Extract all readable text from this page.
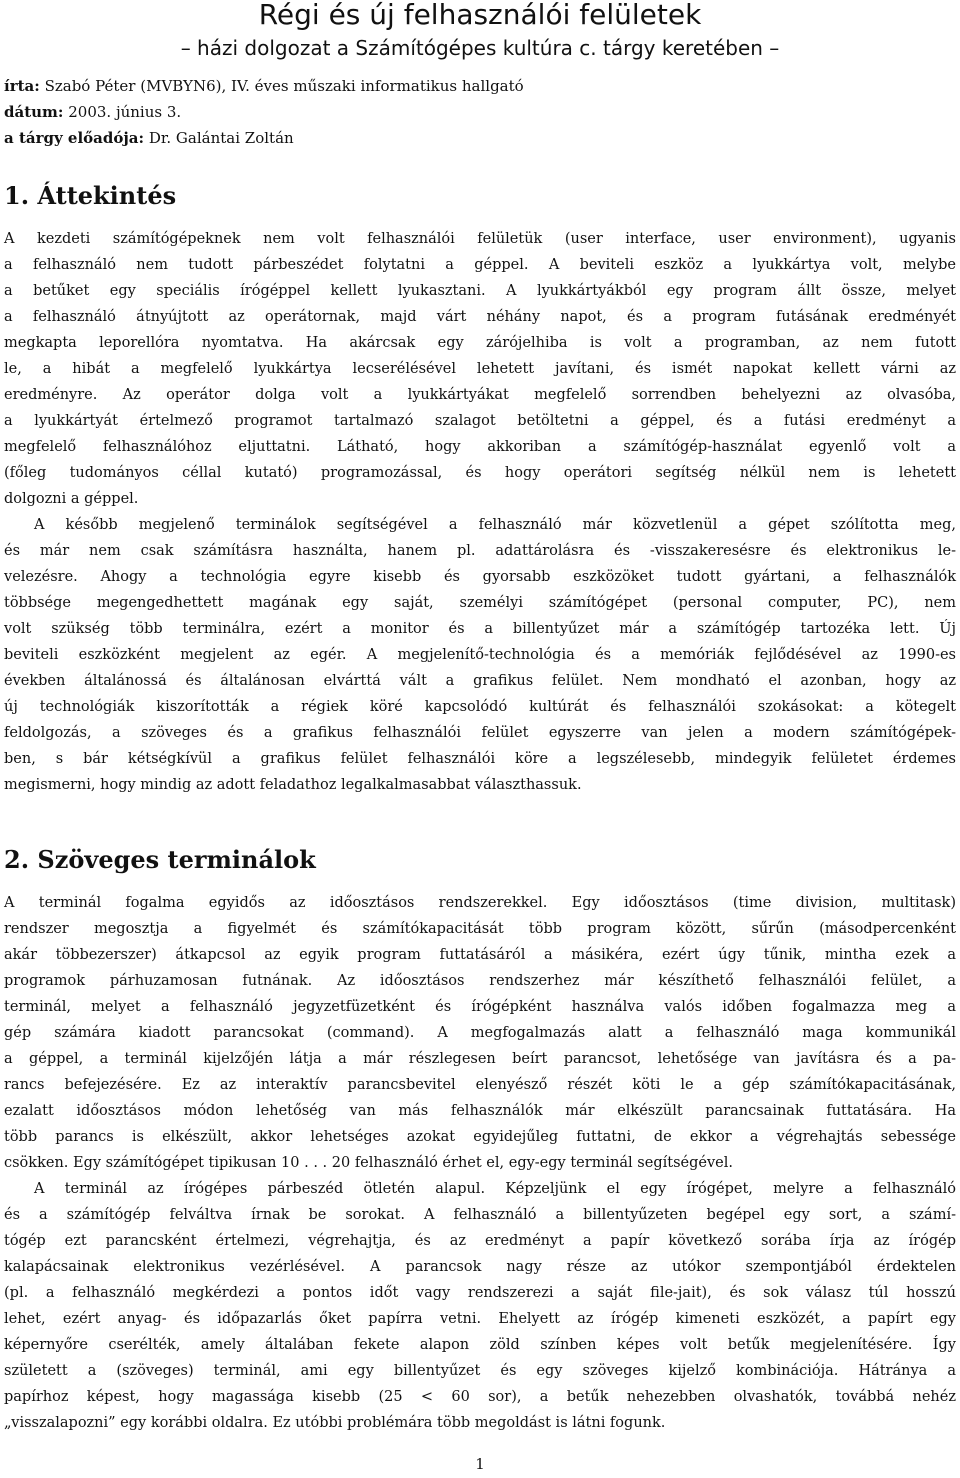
Régi és új felhasználói felületek
– házi dolgozat a Számítógépes kultúra c. tárgy keretében –
írta: Szabó Péter (MVBYN6), IV. éves műszaki informatikus hallgató
dátum: 2003. június 3.
a tárgy előadója: Dr. Galántai Zoltán
1. Áttekintés

A kezdeti számítógépeknek nem volt felhasználói felületük (user interface, user environment), ugyanis

a felhasználó nem tudott párbeszédet folytatni a géppel. A beviteli eszköz a lyukkártya volt, melybe

a betűket egy speciális írógéppel kellett lyukasztani. A lyukkártyákból egy program állt össze, melyet

a felhasználó átnyújtott az operátornak, majd várt néhány napot, és a program futásának eredményét

megkapta leporellóra nyomtatva. Ha akárcsak egy zárójelhiba is volt a programban, az nem futott

le, a hibát a megfelelő lyukkártya lecserélésével lehetett javítani, és ismét napokat kellett várni az

eredményre. Az operátor dolga volt a lyukkártyákat megfelelő sorrendben behelyezni az olvasóba,

a lyukkártyát értelmező programot tartalmazó szalagot betöltetni a géppel, és a futási eredményt a

megfelelő felhasználóhoz eljuttatni. Látható, hogy akkoriban a számítógép-használat egyenlő volt a

(főleg tudományos céllal kutató) programozással, és hogy operátori segítség nélkül nem is lehetett

dolgozni a géppel.

A később megjelenő terminálok segítségével a felhasználó már közvetlenül a gépet szólította meg,

és már nem csak számításra használta, hanem pl. adattárolásra és -visszakeresésre és elektronikus le-

velezésre. Ahogy a technológia egyre kisebb és gyorsabb eszközöket tudott gyártani, a felhasználók

többsége megengedhettett magának egy saját, személyi számítógépet (personal computer, PC), nem

volt szükség több terminálra, ezért a monitor és a billentyűzet már a számítógép tartozéka lett. Új

beviteli eszközként megjelent az egér. A megjelenítő-technológia és a memóriák fejlődésével az 1990-es

években általánossá és általánosan elvárttá vált a grafikus felület. Nem mondható el azonban, hogy az

új technológiák kiszorították a régiek köré kapcsolódó kultúrát és felhasználói szokásokat: a kötegelt

feldolgozás, a szöveges és a grafikus felhasználói felület egyszerre van jelen a modern számítógépek-

ben, s bár kétségkívül a grafikus felület felhasználói köre a legszélesebb, mindegyik felületet érdemes

megismerni, hogy mindig az adott feladathoz legalkalmasabbat választhassuk.

2. Szöveges terminálok

A terminál fogalma egyidős az időosztásos rendszerekkel. Egy időosztásos (time division, multitask)

rendszer megosztja a figyelmét és számítókapacitását több program között, sűrűn (másodpercenként

akár többezerszer) átkapcsol az egyik program futtatásáról a másikéra, ezért úgy tűnik, mintha ezek a

programok párhuzamosan futnának. Az időosztásos rendszerhez már készíthető felhasználói felület, a

terminál, melyet a felhasználó jegyzetfüzetként és írógépként használva valós időben fogalmazza meg a

gép számára kiadott parancsokat (command). A megfogalmazás alatt a felhasználó maga kommunikál

a géppel, a terminál kijelzőjén látja a már részlegesen beírt parancsot, lehetősége van javításra és a pa-

rancs befejezésére. Ez az interaktív parancsbevitel elenyésző részét köti le a gép számítókapacitásának,

ezalatt időosztásos módon lehetőség van más felhasználók már elkészült parancsainak futtatására. Ha

több parancs is elkészült, akkor lehetséges azokat egyidejűleg futtatni, de ekkor a végrehajtás sebessége

csökken. Egy számítógépet tipikusan 10 . . . 20 felhasználó érhet el, egy-egy terminál segítségével.

A terminál az írógépes párbeszéd ötletén alapul. Képzeljünk el egy írógépet, melyre a felhasználó

és a számítógép felváltva írnak be sorokat. A felhasználó a billentyűzeten begépel egy sort, a számí-

tógép ezt parancsként értelmezi, végrehajtja, és az eredményt a papír következő sorába írja az írógép

kalapácsainak elektronikus vezérlésével. A parancsok nagy része az utókor szempontjából érdektelen

(pl. a felhasználó megkérdezi a pontos időt vagy rendszerezi a saját file-jait), és sok válasz túl hosszú

lehet, ezért anyag- és időpazarlás őket papírra vetni. Ehelyett az írógép kimeneti eszközét, a papírt egy

képernyőre cserélték, amely általában fekete alapon zöld színben képes volt betűk megjelenítésére. Így

született a (szöveges) terminál, ami egy billentyűzet és egy szöveges kijelző kombinációja. Hátránya a

papírhoz képest, hogy magassága kisebb (25 < 60 sor), a betűk nehezebben olvashatók, továbbá nehéz

„visszalapozni” egy korábbi oldalra. Ez utóbbi problémára több megoldást is látni fogunk.

1
